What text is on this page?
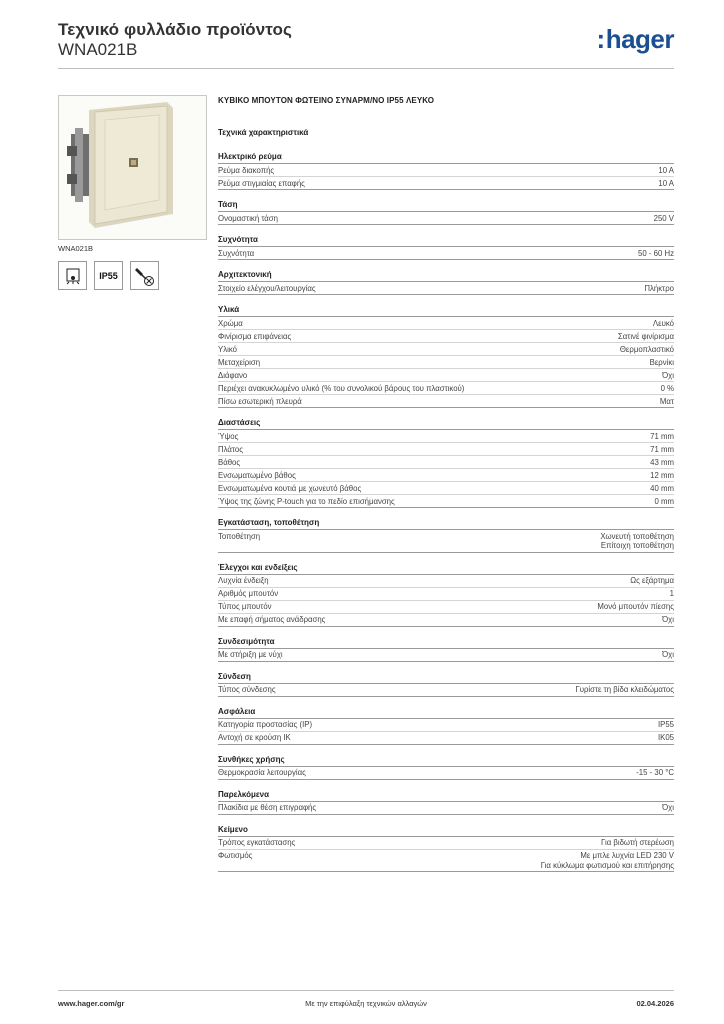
Τεχνικό φυλλάδιο προϊόντος
WNA021B	:hager
WNA021B
IP55
ΚΥΒΙΚΟ ΜΠΟΥΤΟΝ ΦΩΤΕΙΝΟ ΣΥΝΑΡΜ/ΝΟ IP55 ΛΕΥΚΟ
Τεχνικά χαρακτηριστικά
Ηλεκτρικό ρεύμα
Ρεύμα διακοπής	10 A
Ρεύμα στιγμιαίας επαφής	10 A
Τάση
Ονομαστική τάση	250 V
Συχνότητα
Συχνότητα	50 - 60 Hz
Αρχιτεκτονική
Στοιχείο ελέγχου/λειτουργίας	Πλήκτρο
Υλικά
Χρώμα	Λευκό
Φινίρισμα επιφάνειας	Σατινέ φινίρισμα
Υλικό	Θερμοπλαστικό
Μεταχείριση	Βερνίκι
Διάφανο	Όχι
Περιέχει ανακυκλωμένο υλικό (% του συνολικού βάρους του πλαστικού)	0 %
Πίσω εσωτερική πλευρά	Ματ
Διαστάσεις
Ύψος	71 mm
Πλάτος	71 mm
Βάθος	43 mm
Ενσωματωμένο βάθος	12 mm
Ενσωματωμένα κουτιά με χωνευτό βάθος	40 mm
Ύψος της ζώνης P-touch για το πεδίο επισήμανσης	0 mm
Εγκατάσταση, τοποθέτηση
Τοποθέτηση	Χωνευτή τοποθέτηση
Επίτοιχη τοποθέτηση
Έλεγχοι και ενδείξεις
Λυχνία ένδειξη	Ως εξάρτημα
Αριθμός μπουτόν	1
Τύπος μπουτόν	Μονό μπουτόν πίεσης
Με επαφή σήματος ανάδρασης	Όχι
Συνδεσιμότητα
Με στήριξη με νύχι	Όχι
Σύνδεση
Τύπος σύνδεσης	Γυρίστε τη βίδα κλειδώματος
Ασφάλεια
Κατηγορία προστασίας (IP)	IP55
Αντοχή σε κρούση IK	IK05
Συνθήκες χρήσης
Θερμοκρασία λειτουργίας	-15 - 30 °C
Παρελκόμενα
Πλακίδια με θέση επιγραφής	Όχι
Κείμενο
Τρόπος εγκατάστασης	Για βιδωτή στερέωση
Φωτισμός	Με μπλε λυχνία LED 230 V
Για κύκλωμα φωτισμού και επιτήρησης
www.hager.com/gr	Με την επιφύλαξη τεχνικών αλλαγών	02.04.2026
